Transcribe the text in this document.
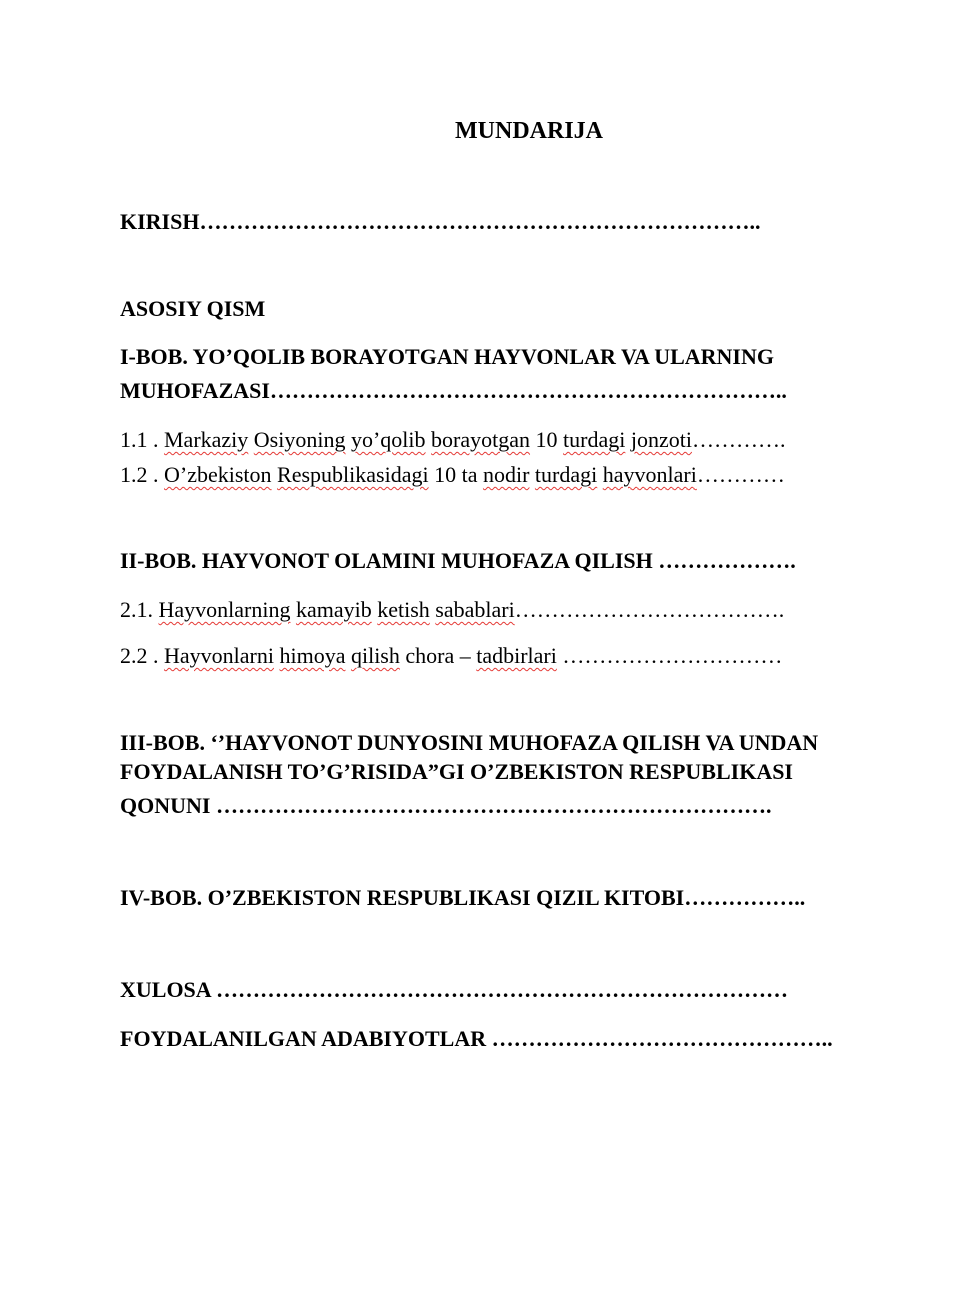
MUNDARIJA
KIRISH…………………………………………………………………..
ASOSIY QISM
I-BOB. YO’QOLIB BORAYOTGAN HAYVONLAR VA ULARNING
MUHOFAZASI……………………………………………………………..
1.1 . Markaziy Osiyoning yo’qolib borayotgan 10 turdagi jonzoti………….
1.2 . O’zbekiston Respublikasidagi 10 ta nodir turdagi hayvonlari…………
II-BOB. HAYVONOT OLAMINI MUHOFAZA QILISH ……………….
2.1. Hayvonlarning kamayib ketish sabablari……………………………….
2.2 . Hayvonlarni himoya qilish chora – tadbirlari …………………………
III-BOB. ‘’HAYVONOT DUNYOSINI MUHOFAZA QILISH VA UNDAN
FOYDALANISH TO’G’RISIDA”GI O’ZBEKISTON RESPUBLIKASI
QONUNI ………………………………………………………………….
IV-BOB. O’ZBEKISTON RESPUBLIKASI QIZIL KITOBI……………..
XULOSA ……………………………………………………………………
FOYDALANILGAN ADABIYOTLAR ………………………………………..
